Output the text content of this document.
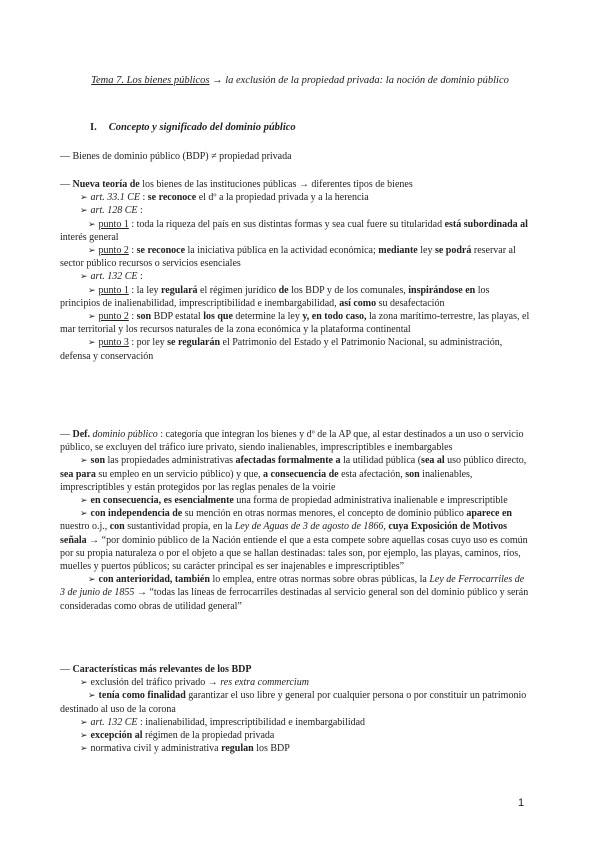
Tema 7. Los bienes públicos → la exclusión de la propiedad privada: la noción de dominio público
I. Concepto y significado del dominio público
— Bienes de dominio público (BDP) ≠ propiedad privada
— Nueva teoría de los bienes de las instituciones públicas → diferentes tipos de bienes
➢ art. 33.1 CE : se reconoce el dº a la propiedad privada y a la herencia
➢ art. 128 CE :
➢ punto 1 : toda la riqueza del país en sus distintas formas y sea cual fuere su titularidad está subordinada al interés general
➢ punto 2 : se reconoce la iniciativa pública en la actividad económica; mediante ley se podrá reservar al sector público recursos o servicios esenciales
➢ art. 132 CE :
➢ punto 1 : la ley regulará el régimen jurídico de los BDP y de los comunales, inspirándose en los principios de inalienabilidad, imprescriptibilidad e inembargabilidad, así como su desafectación
➢ punto 2 : son BDP estatal los que determine la ley y, en todo caso, la zona marítimo-terrestre, las playas, el mar territorial y los recursos naturales de la zona económica y la plataforma continental
➢ punto 3 : por ley se regularán el Patrimonio del Estado y el Patrimonio Nacional, su administración, defensa y conservación
— Def. dominio público : categoría que integran los bienes y dº de la AP que, al estar destinados a un uso o servicio público, se excluyen del tráfico iure privato, siendo inalienables, imprescriptibles e inembargables
➢ son las propiedades administrativas afectadas formalmente a la utilidad pública (sea al uso público directo, sea para su empleo en un servicio público) y que, a consecuencia de esta afectación, son inalienables, imprescriptibles y están protegidos por las reglas penales de la voirie
➢ en consecuencia, es esencialmente una forma de propiedad administrativa inalienable e imprescriptible
➢ con independencia de su mención en otras normas menores, el concepto de dominio público aparece en nuestro o.j., con sustantividad propia, en la Ley de Aguas de 3 de agosto de 1866, cuya Exposición de Motivos señala → “por dominio público de la Nación entiende el que a esta compete sobre aquellas cosas cuyo uso es común por su propia naturaleza o por el objeto a que se hallan destinadas: tales son, por ejemplo, las playas, caminos, ríos, muelles y puertos públicos; su carácter principal es ser inajenables e imprescriptibles”
➢ con anterioridad, también lo emplea, entre otras normas sobre obras públicas, la Ley de Ferrocarriles de 3 de junio de 1855 → “todas las líneas de ferrocarriles destinadas al servicio general son del dominio público y serán consideradas como obras de utilidad general”
— Características más relevantes de los BDP
➢ exclusión del tráfico privado → res extra commercium
➢ tenía como finalidad garantizar el uso libre y general por cualquier persona o por constituir un patrimonio destinado al uso de la corona
➢ art. 132 CE : inalienabilidad, imprescriptibilidad e inembargabilidad
➢ excepción al régimen de la propiedad privada
➢ normativa civil y administrativa regulan los BDP
1
